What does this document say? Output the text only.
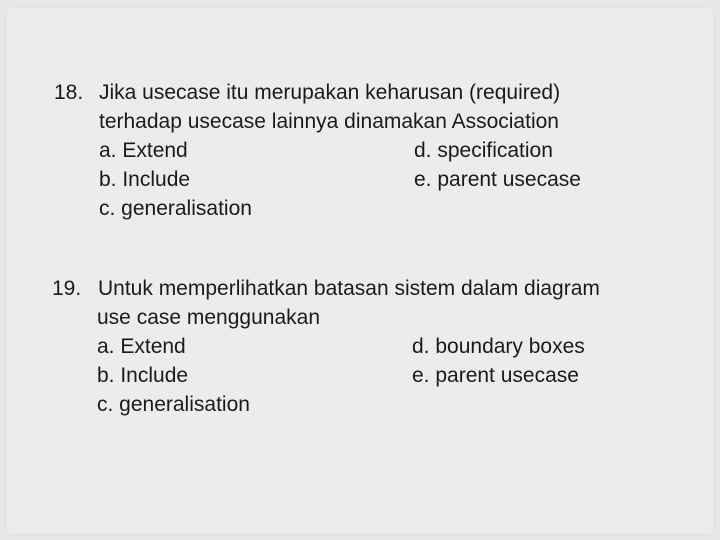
18. Jika usecase itu merupakan keharusan (required)
terhadap usecase lainnya dinamakan Association
a. Extend	d. specification
b. Include	e. parent usecase
c. generalisation
19. Untuk memperlihatkan batasan sistem dalam diagram
use case menggunakan
a. Extend	d. boundary boxes
b. Include	e. parent usecase
c. generalisation
